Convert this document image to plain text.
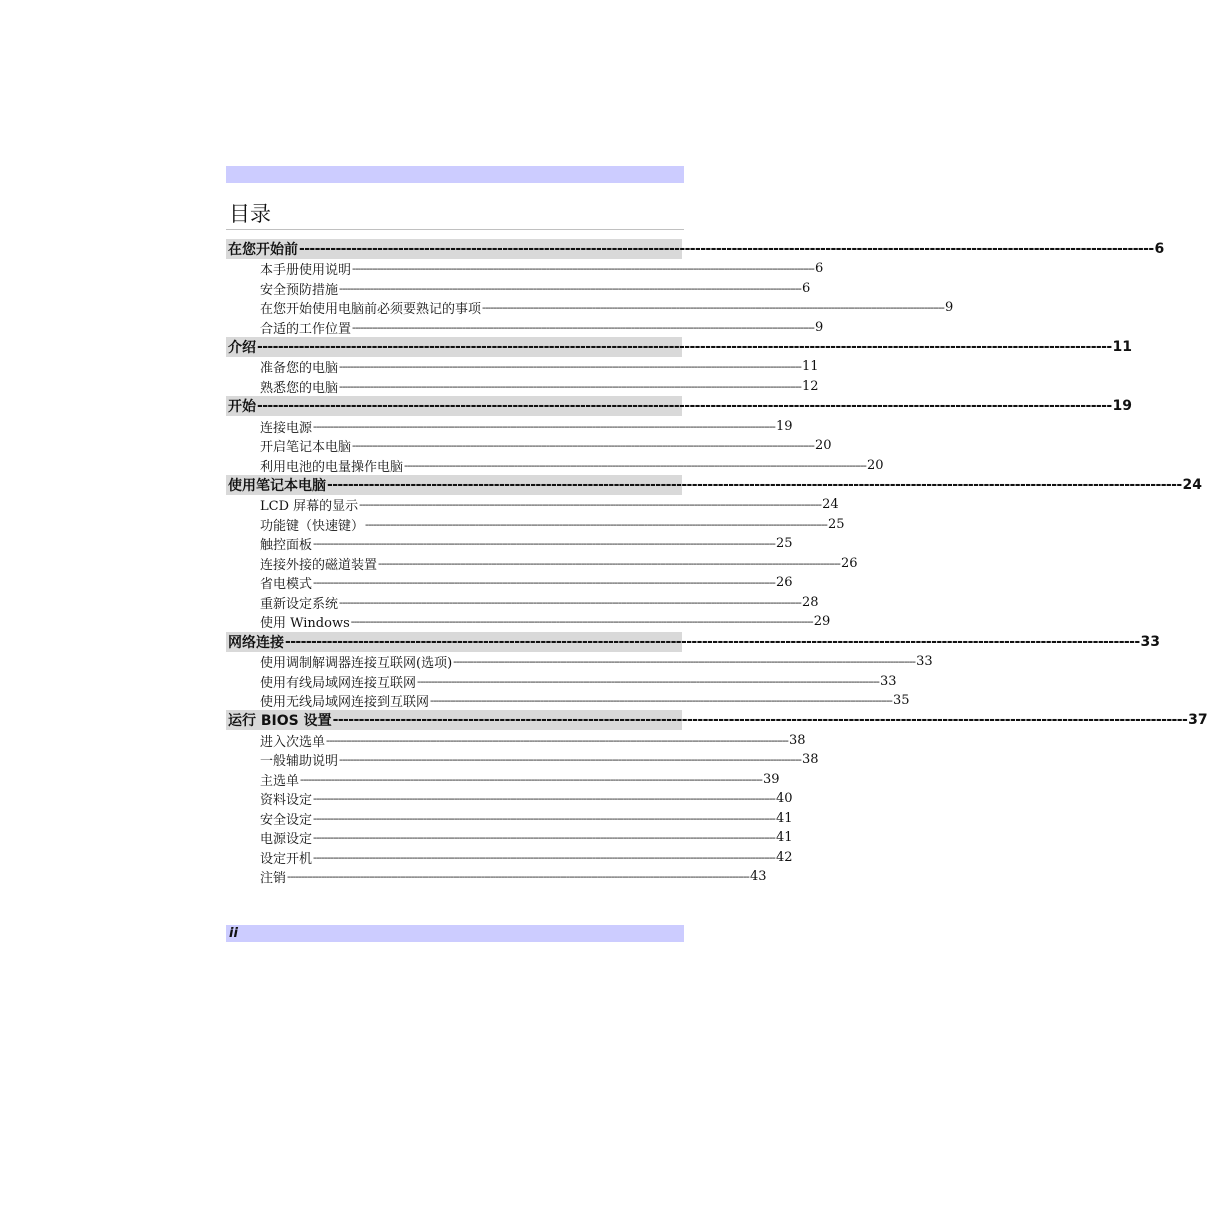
目录
在您开始前 -------------------------------------------------------------------------------------------------------------------------------------------------------------------- 6
本手册使用说明 -------------------------------------------------------------------------------------------------------------------------------------------------------------------- 6
安全预防措施 -------------------------------------------------------------------------------------------------------------------------------------------------------------------- 6
在您开始使用电脑前必须要熟记的事项 -------------------------------------------------------------------------------------------------------------------------------------------------------------------- 9
合适的工作位置 -------------------------------------------------------------------------------------------------------------------------------------------------------------------- 9
介绍 -------------------------------------------------------------------------------------------------------------------------------------------------------------------- 11
准备您的电脑 -------------------------------------------------------------------------------------------------------------------------------------------------------------------- 11
熟悉您的电脑 -------------------------------------------------------------------------------------------------------------------------------------------------------------------- 12
开始 -------------------------------------------------------------------------------------------------------------------------------------------------------------------- 19
连接电源 -------------------------------------------------------------------------------------------------------------------------------------------------------------------- 19
开启笔记本电脑 -------------------------------------------------------------------------------------------------------------------------------------------------------------------- 20
利用电池的电量操作电脑 -------------------------------------------------------------------------------------------------------------------------------------------------------------------- 20
使用笔记本电脑 -------------------------------------------------------------------------------------------------------------------------------------------------------------------- 24
LCD 屏幕的显示 -------------------------------------------------------------------------------------------------------------------------------------------------------------------- 24
功能键（快速键） -------------------------------------------------------------------------------------------------------------------------------------------------------------------- 25
触控面板 -------------------------------------------------------------------------------------------------------------------------------------------------------------------- 25
连接外接的磁道装置 -------------------------------------------------------------------------------------------------------------------------------------------------------------------- 26
省电模式 -------------------------------------------------------------------------------------------------------------------------------------------------------------------- 26
重新设定系统 -------------------------------------------------------------------------------------------------------------------------------------------------------------------- 28
使用 Windows -------------------------------------------------------------------------------------------------------------------------------------------------------------------- 29
网络连接 -------------------------------------------------------------------------------------------------------------------------------------------------------------------- 33
使用调制解调器连接互联网(选项) -------------------------------------------------------------------------------------------------------------------------------------------------------------------- 33
使用有线局域网连接互联网 -------------------------------------------------------------------------------------------------------------------------------------------------------------------- 33
使用无线局域网连接到互联网 -------------------------------------------------------------------------------------------------------------------------------------------------------------------- 35
运行 BIOS 设置 -------------------------------------------------------------------------------------------------------------------------------------------------------------------- 37
进入次选单 -------------------------------------------------------------------------------------------------------------------------------------------------------------------- 38
一般辅助说明 -------------------------------------------------------------------------------------------------------------------------------------------------------------------- 38
主选单 -------------------------------------------------------------------------------------------------------------------------------------------------------------------- 39
资料设定 -------------------------------------------------------------------------------------------------------------------------------------------------------------------- 40
安全设定 -------------------------------------------------------------------------------------------------------------------------------------------------------------------- 41
电源设定 -------------------------------------------------------------------------------------------------------------------------------------------------------------------- 41
设定开机 -------------------------------------------------------------------------------------------------------------------------------------------------------------------- 42
注销 -------------------------------------------------------------------------------------------------------------------------------------------------------------------- 43
ii
